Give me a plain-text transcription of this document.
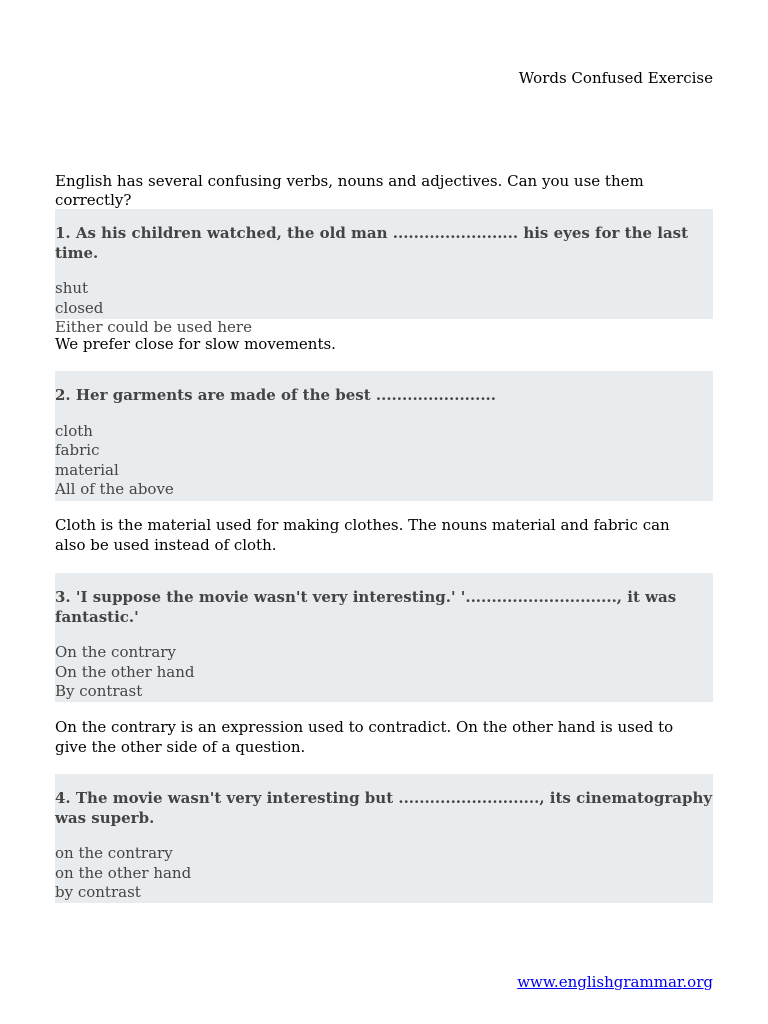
Words Confused Exercise
English has several confusing verbs, nouns and adjectives. Can you use them correctly?

1. As his children watched, the old man ........................ his eyes for the last time.

shut
closed
Either could be used here
We prefer close for slow movements.

2. Her garments are made of the best .......................

cloth
fabric
material
All of the above
Cloth is the material used for making clothes. The nouns material and fabric can also be used instead of cloth.

3. 'I suppose the movie wasn't very interesting.' '............................., it was fantastic.'

On the contrary
On the other hand
By contrast
On the contrary is an expression used to contradict. On the other hand is used to give the other side of a question.

4. The movie wasn't very interesting but ..........................., its cinematography was superb.

on the contrary
on the other hand
by contrast
www.englishgrammar.org
